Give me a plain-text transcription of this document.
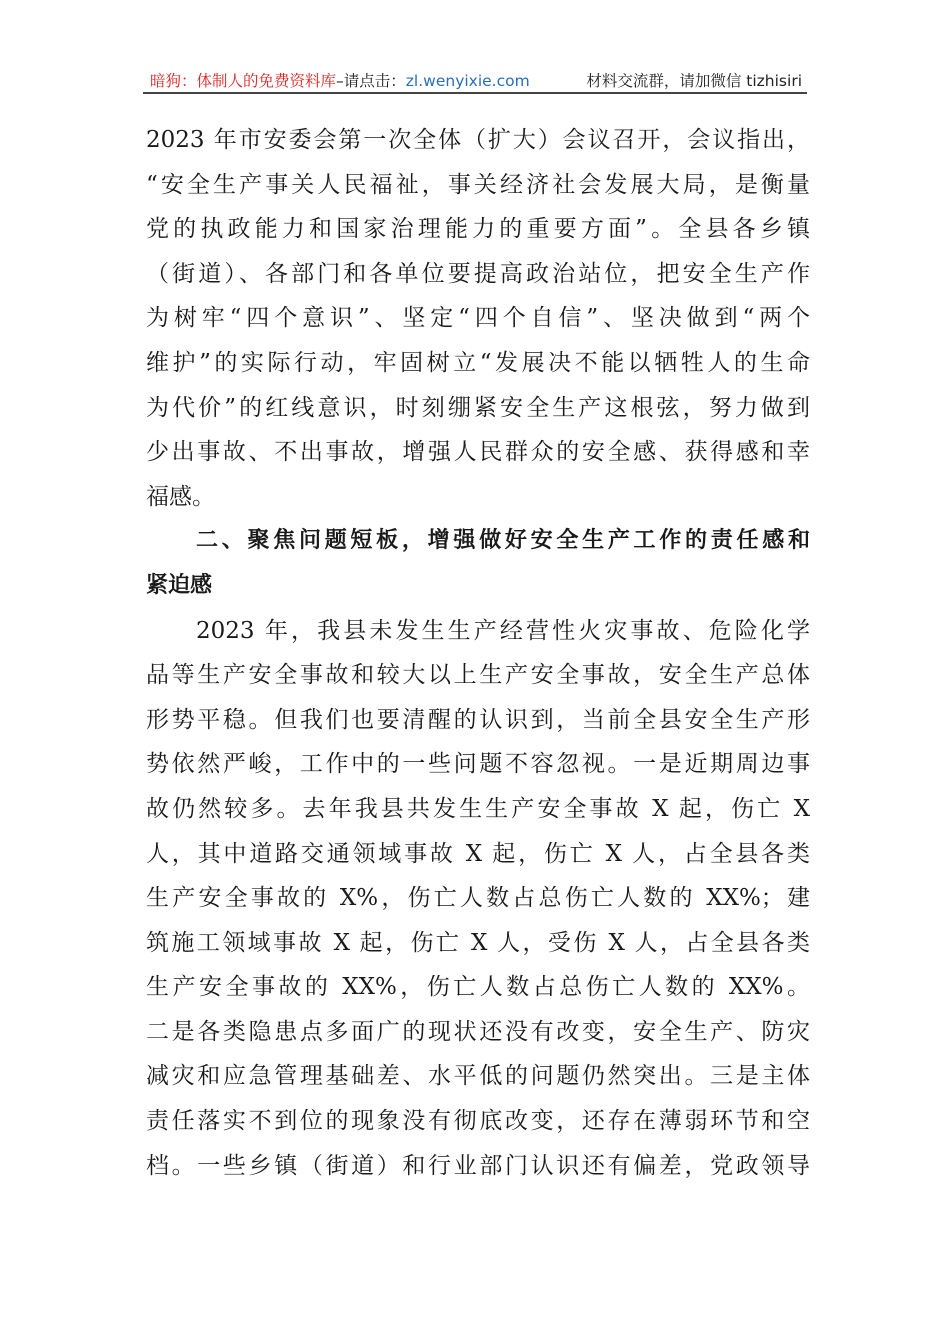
暗狗：体制人的免费资料库–请点击：zl.wenyixie.com	材料交流群，请加微信 tizhisiri
2023 年市安委会第一次全体（扩大）会议召开，会议指出，
“安全生产事关人民福祉，事关经济社会发展大局，是衡量
党的执政能力和国家治理能力的重要方面”。全县各乡镇
（街道）、各部门和各单位要提高政治站位，把安全生产作
为树牢“四个意识”、坚定“四个自信”、坚决做到“两个
维护”的实际行动，牢固树立“发展决不能以牺牲人的生命
为代价”的红线意识，时刻绷紧安全生产这根弦，努力做到
少出事故、不出事故，增强人民群众的安全感、获得感和幸
福感。
二、聚焦问题短板，增强做好安全生产工作的责任感和
紧迫感
2023 年，我县未发生生产经营性火灾事故、危险化学
品等生产安全事故和较大以上生产安全事故，安全生产总体
形势平稳。但我们也要清醒的认识到，当前全县安全生产形
势依然严峻，工作中的一些问题不容忽视。一是近期周边事
故仍然较多。去年我县共发生生产安全事故 X 起，伤亡 X
人，其中道路交通领域事故 X 起，伤亡 X 人，占全县各类
生产安全事故的 X%，伤亡人数占总伤亡人数的 XX%；建
筑施工领域事故 X 起，伤亡 X 人，受伤 X 人，占全县各类
生产安全事故的 XX%，伤亡人数占总伤亡人数的 XX%。
二是各类隐患点多面广的现状还没有改变，安全生产、防灾
减灾和应急管理基础差、水平低的问题仍然突出。三是主体
责任落实不到位的现象没有彻底改变，还存在薄弱环节和空
档。一些乡镇（街道）和行业部门认识还有偏差，党政领导
